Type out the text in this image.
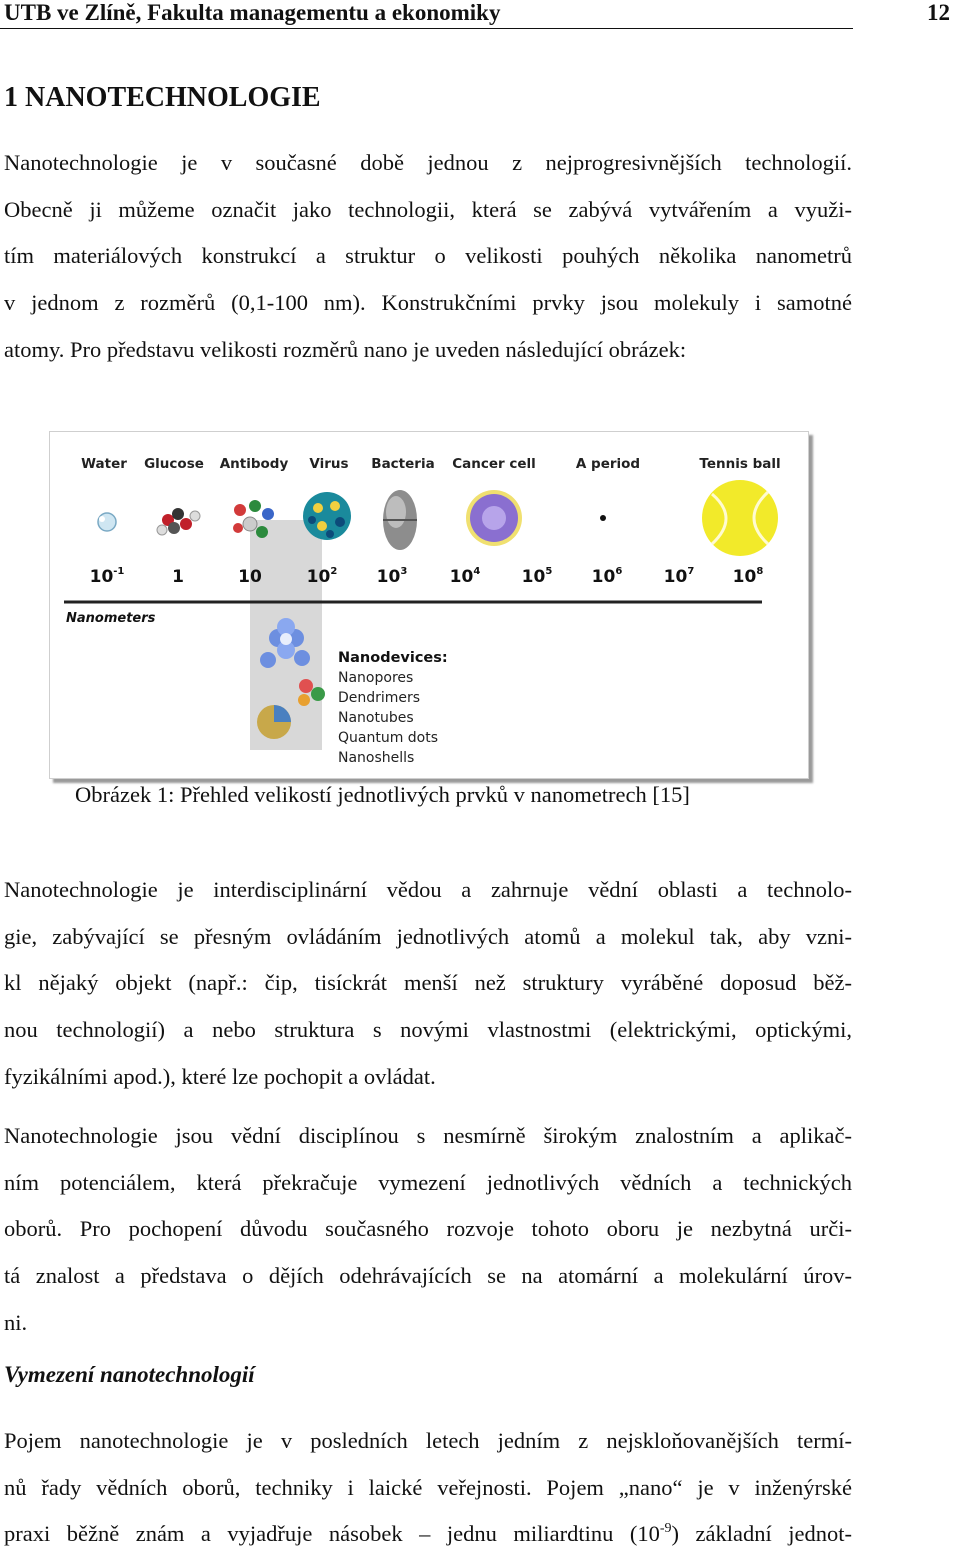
UTB ve Zlíně, Fakulta managementu a ekonomiky	12
1 NANOTECHNOLOGIE
Nanotechnologie je v současné době jednou z nejprogresivnějších technologií.
Obecně ji můžeme označit jako technologii, která se zabývá vytvářením a využi-
tím materiálových konstrukcí a struktur o velikosti pouhých několika nanometrů
v jednom z rozměrů (0,1-100 nm). Konstrukčními prvky jsou molekuly i samotné
atomy. Pro představu velikosti rozměrů nano je uveden následující obrázek:
Water Glucose Antibody Virus Bacteria Cancer cell	A period	Tennis ball
$10^{-1}$	1	10	$10^2$ $10^3$ $10^4$ $10^5$ $10^6$ $10^7$ $10^8$
Nanometers
Nanodevices:
Nanopores
Dendrimers
Nanotubes
Quantum dots
Nanoshells
Obrázek 1: Přehled velikostí jednotlivých prvků v nanometrech [15]
Nanotechnologie je interdisciplinární vědou a zahrnuje vědní oblasti a technolo-
gie, zabývající se přesným ovládáním jednotlivých atomů a molekul tak, aby vzni-
kl nějaký objekt (např.: čip, tisíckrát menší než struktury vyráběné doposud běž-
nou technologií) a nebo struktura s novými vlastnostmi (elektrickými, optickými,
fyzikálními apod.), které lze pochopit a ovládat.
Nanotechnologie jsou vědní disciplínou s nesmírně širokým znalostním a aplikač-
ním potenciálem, která překračuje vymezení jednotlivých vědních a technických
oborů. Pro pochopení důvodu současného rozvoje tohoto oboru je nezbytná urči-
tá znalost a představa o dějích odehrávajících se na atomární a molekulární úrov-
ni.
Vymezení nanotechnologií
Pojem nanotechnologie je v posledních letech jedním z nejskloňovanějších termí-
nů řady vědních oborů, techniky i laické veřejnosti. Pojem „nano“ je v inženýrské
praxi běžně znám a vyjadřuje násobek – jednu miliardtinu $(10^{-9})$ základní jednot-
